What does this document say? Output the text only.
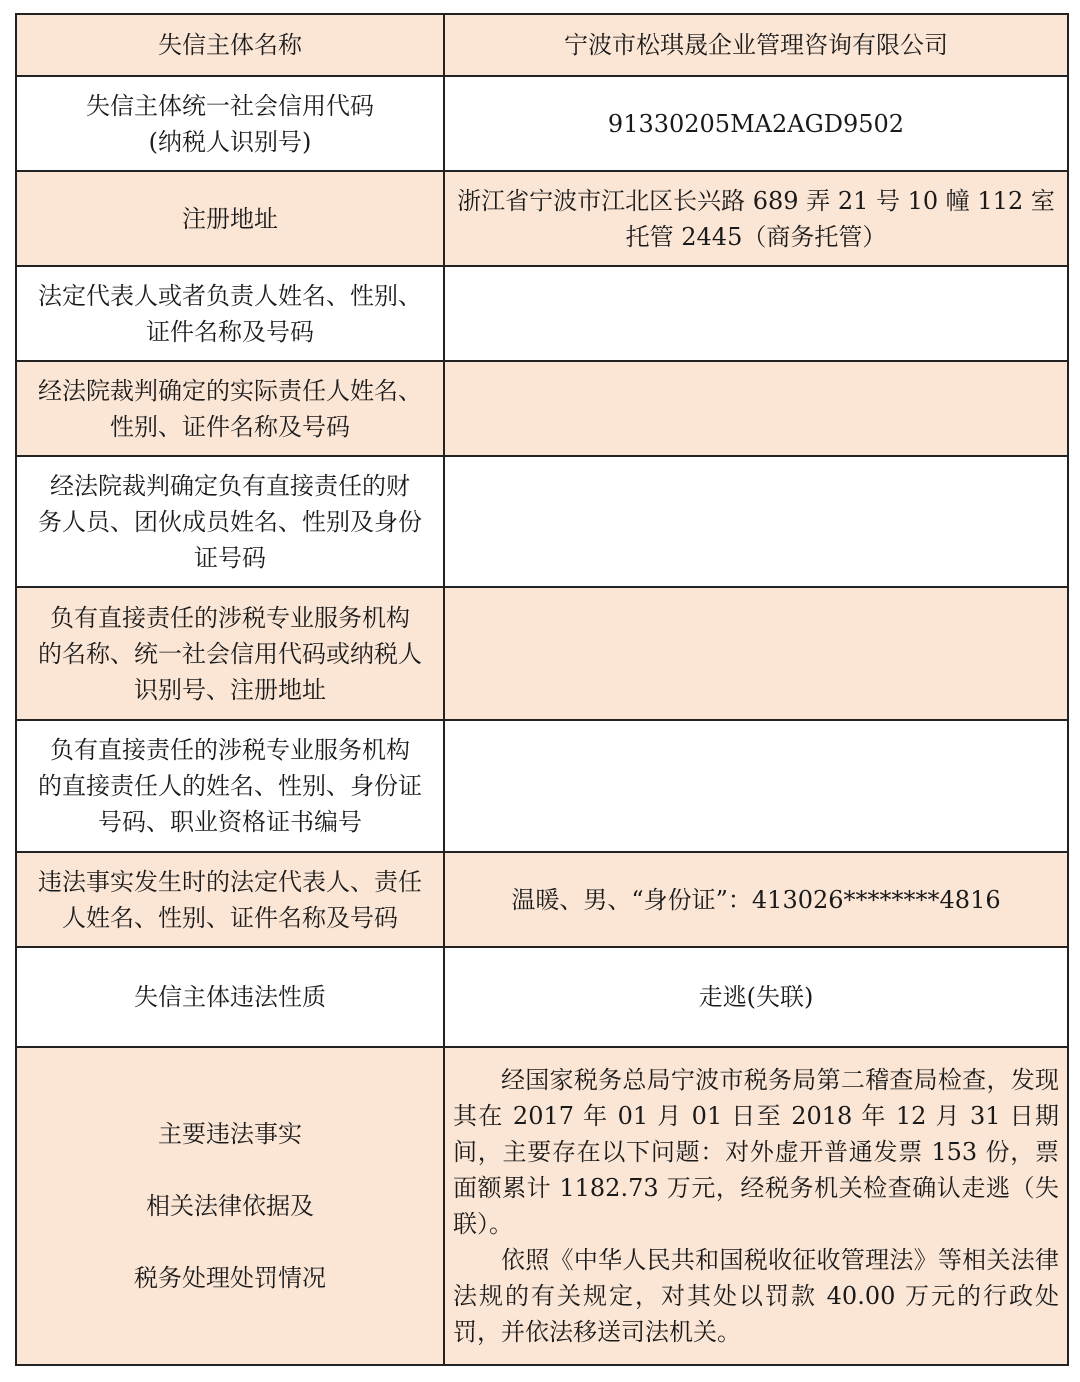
失信主体名称	宁波市松琪晟企业管理咨询有限公司

失信主体统一社会信用代码
(纳税人识别号)	91330205MA2AGD9502

注册地址	浙江省宁波市江北区长兴路 689 弄 21 号 10 幢 112 室
托管 2445（商务托管）

法定代表人或者负责人姓名、性别、
证件名称及号码	

经法院裁判确定的实际责任人姓名、
性别、证件名称及号码	

经法院裁判确定负有直接责任的财
务人员、团伙成员姓名、性别及身份
证号码	

负有直接责任的涉税专业服务机构
的名称、统一社会信用代码或纳税人
识别号、注册地址	

负有直接责任的涉税专业服务机构
的直接责任人的姓名、性别、身份证
号码、职业资格证书编号	

违法事实发生时的法定代表人、责任
人姓名、性别、证件名称及号码	温暖、男、“身份证”：413026********4816

失信主体违法性质	走逃(失联)

主要违法事实
相关法律依据及
税务处理处罚情况	经国家税务总局宁波市税务局第二稽查局检查，发现其在 2017 年 01 月 01 日至 2018 年 12 月 31 日期间，主要存在以下问题：对外虚开普通发票 153 份，票面额累计 1182.73 万元，经税务机关检查确认走逃（失联）。
依照《中华人民共和国税收征收管理法》等相关法律法规的有关规定，对其处以罚款 40.00 万元的行政处罚，并依法移送司法机关。
